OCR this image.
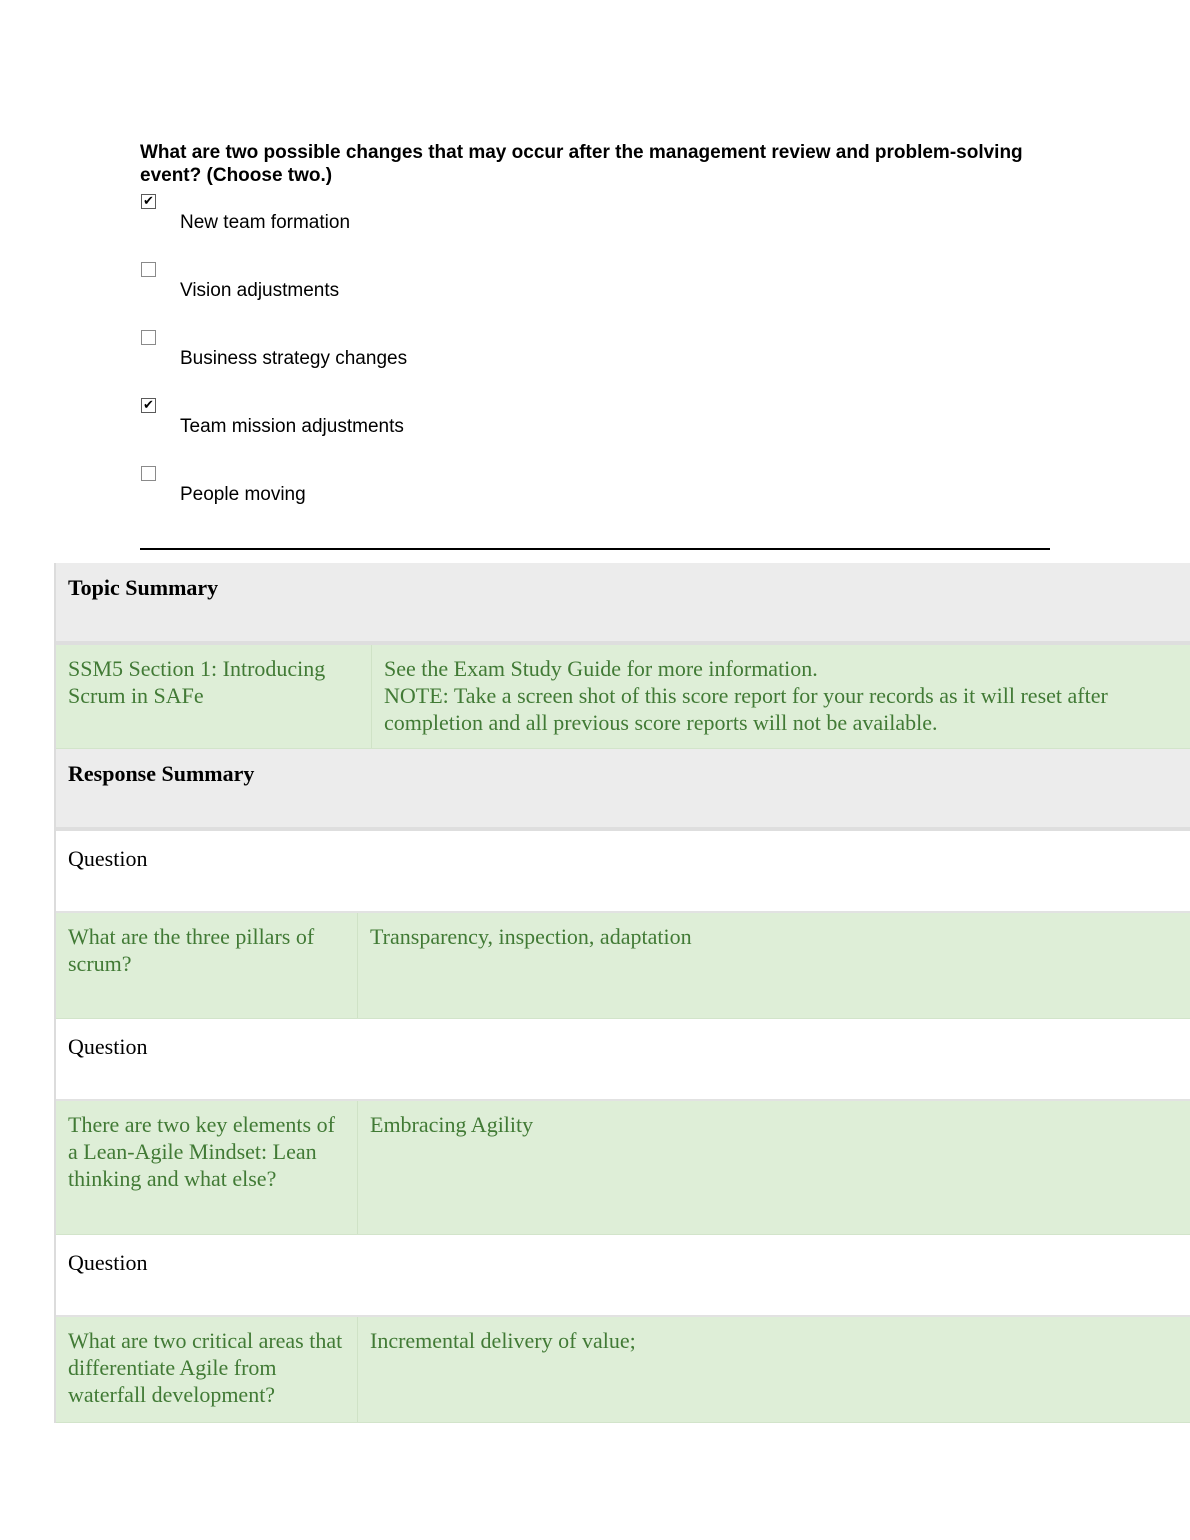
What are two possible changes that may occur after the management review and problem-solving event? (Choose two.)

✔
New team formation
Vision adjustments
Business strategy changes
✔
Team mission adjustments
People moving
Topic Summary
SSM5 Section 1: Introducing Scrum in SAFe
See the Exam Study Guide for more information.
NOTE: Take a screen shot of this score report for your records as it will reset after completion and all previous score reports will not be available.
Response Summary
Question
What are the three pillars of scrum?
Transparency, inspection, adaptation
Question
There are two key elements of a Lean-Agile Mindset: Lean thinking and what else?
Embracing Agility
Question
What are two critical areas that differentiate Agile from waterfall development?
Incremental delivery of value;
